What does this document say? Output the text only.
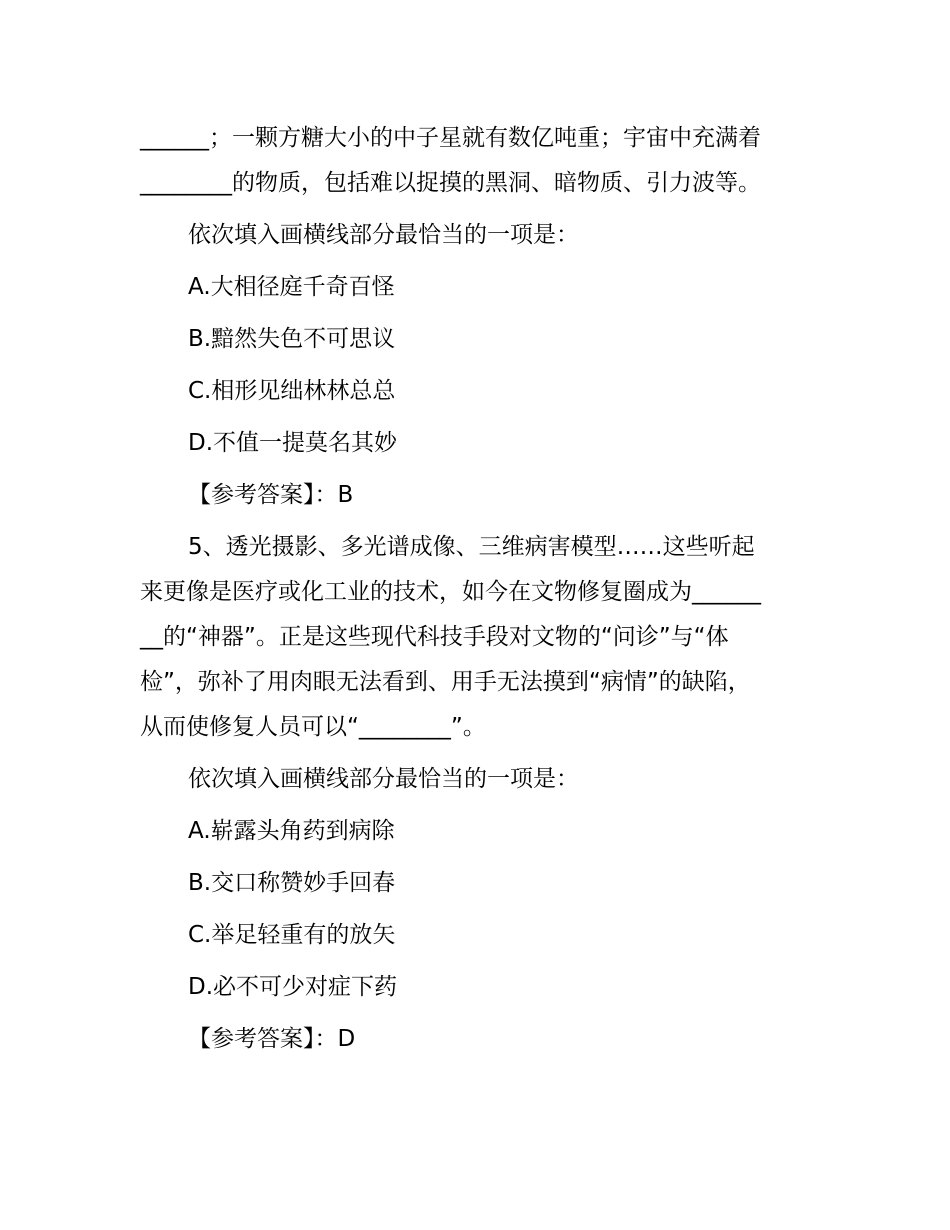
______；一颗方糖大小的中子星就有数亿吨重；宇宙中充满着

________的物质，包括难以捉摸的黑洞、暗物质、引力波等。

依次填入画横线部分最恰当的一项是：

A.大相径庭千奇百怪

B.黯然失色不可思议

C.相形见绌林林总总

D.不值一提莫名其妙

【参考答案】：B

5、透光摄影、多光谱成像、三维病害模型……这些听起

来更像是医疗或化工业的技术，如今在文物修复圈成为______

__的“神器”。正是这些现代科技手段对文物的“问诊”与“体

检”，弥补了用肉眼无法看到、用手无法摸到“病情”的缺陷，

从而使修复人员可以“________”。

依次填入画横线部分最恰当的一项是：

A.崭露头角药到病除

B.交口称赞妙手回春

C.举足轻重有的放矢

D.必不可少对症下药

【参考答案】：D
